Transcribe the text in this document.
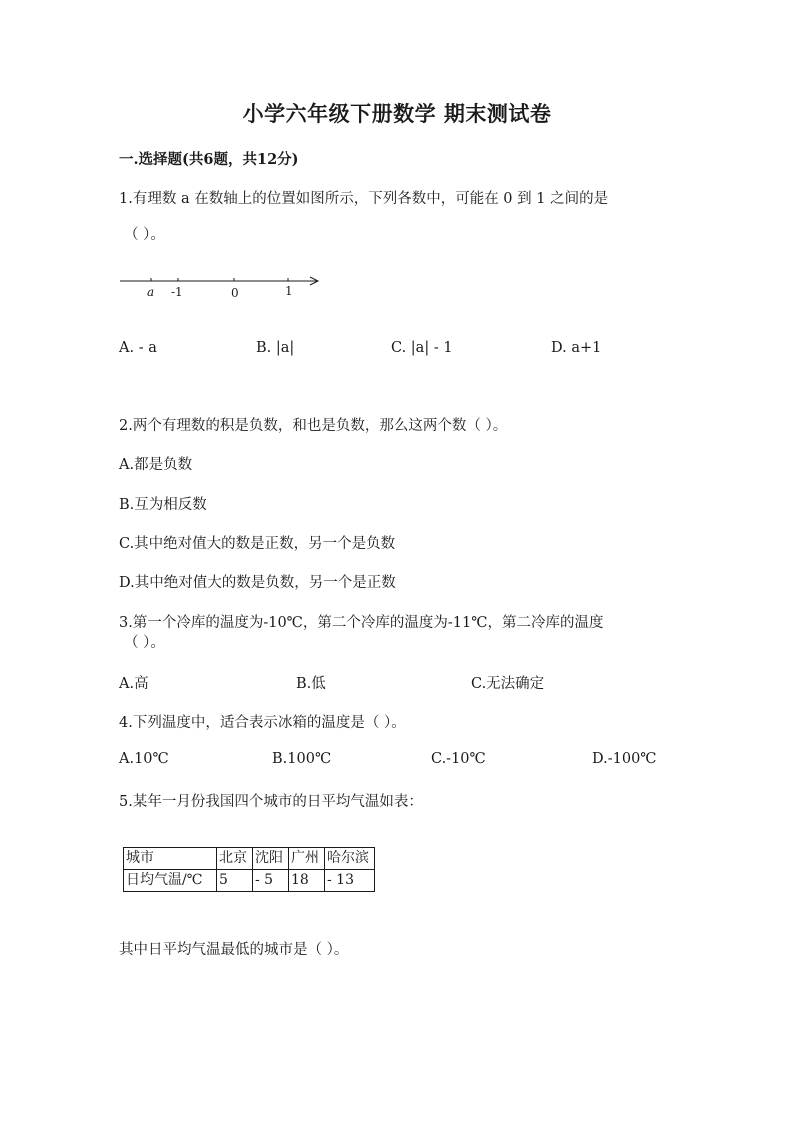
小学六年级下册数学 期末测试卷
一.选择题(共6题，共12分)
1.有理数 a 在数轴上的位置如图所示，下列各数中，可能在 0 到 1 之间的是
（ ）。
a -1	0	1
A. - a	B. |a|	C. |a| - 1	D. a+1
2.两个有理数的积是负数，和也是负数，那么这两个数（ ）。
A.都是负数
B.互为相反数
C.其中绝对值大的数是正数，另一个是负数
D.其中绝对值大的数是负数，另一个是正数
3.第一个冷库的温度为-10℃，第二个冷库的温度为-11℃，第二冷库的温度
（ ）。
A.高	B.低	C.无法确定
4.下列温度中，适合表示冰箱的温度是（ ）。
A.10℃	B.100℃	C.-10℃	D.-100℃
5.某年一月份我国四个城市的日平均气温如表：
城市	北京	沈阳	广州	哈尔滨
日均气温/℃	5	- 5	18	- 13
其中日平均气温最低的城市是（ ）。
